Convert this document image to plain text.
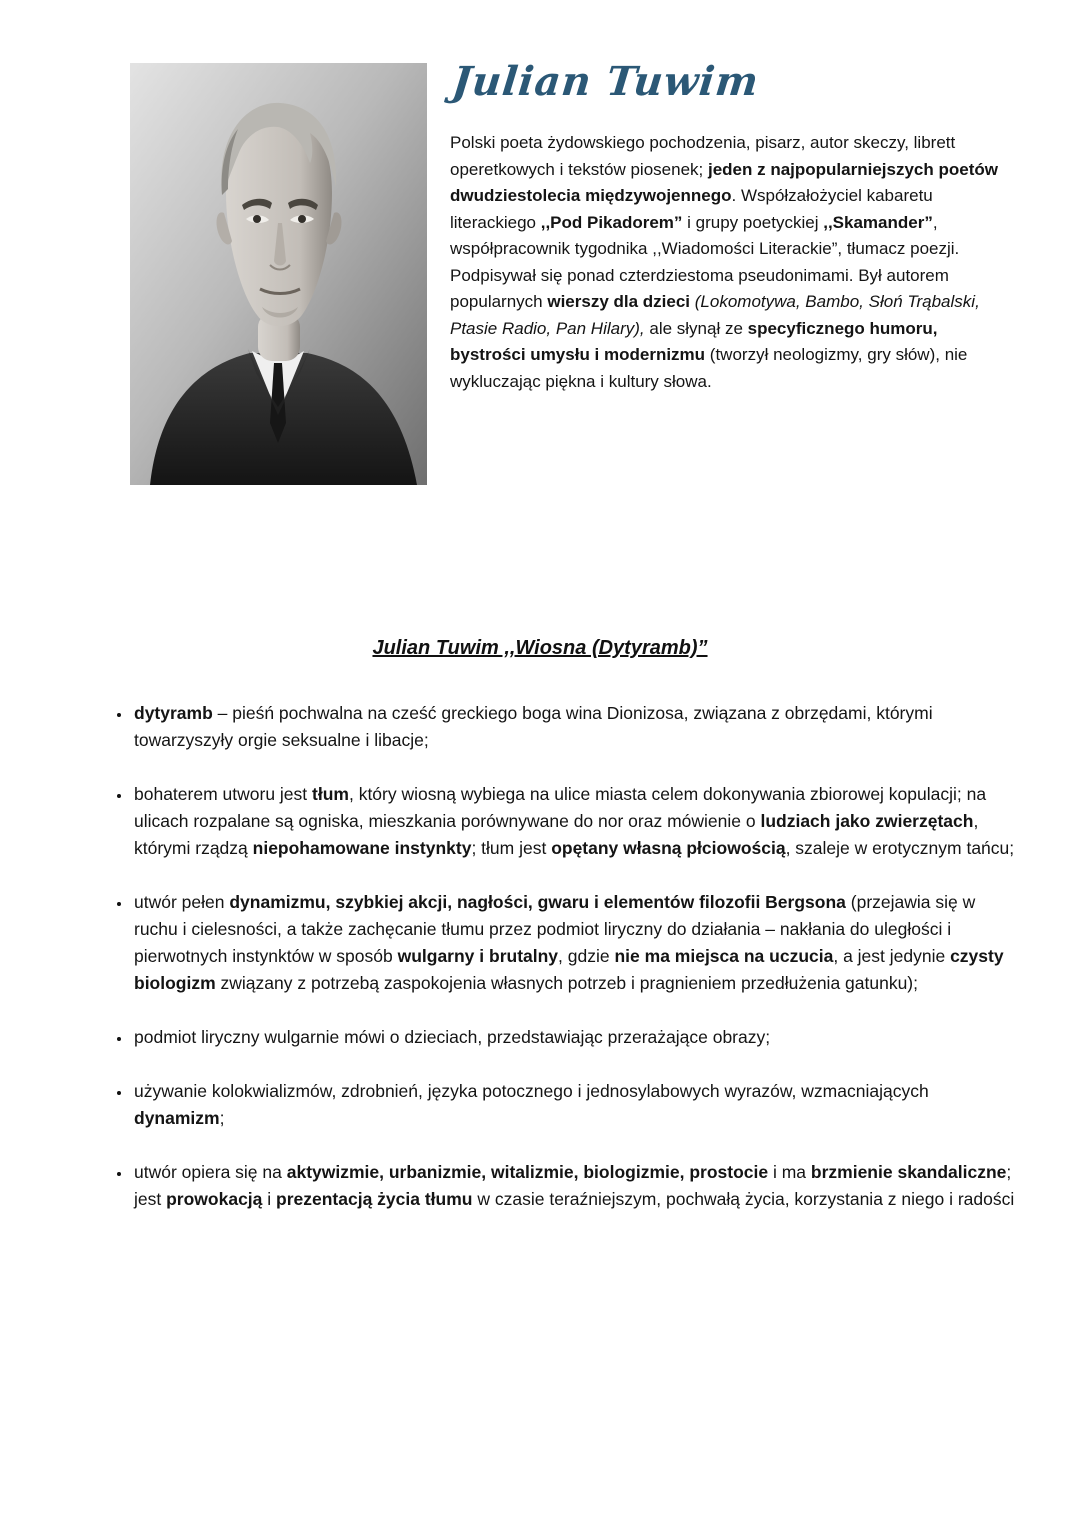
Julian Tuwim

Polski poeta żydowskiego pochodzenia, pisarz, autor skeczy, librett operetkowych i tekstów piosenek; jeden z najpopularniejszych poetów dwudziestolecia międzywojennego. Współzałożyciel kabaretu literackiego ,,Pod Pikadorem” i grupy poetyckiej ,,Skamander”, współpracownik tygodnika ,,Wiadomości Literackie”, tłumacz poezji. Podpisywał się ponad czterdziestoma pseudonimami. Był autorem popularnych wierszy dla dzieci (Lokomotywa, Bambo, Słoń Trąbalski, Ptasie Radio, Pan Hilary), ale słynął ze specyficznego humoru, bystrości umysłu i modernizmu (tworzył neologizmy, gry słów), nie wykluczając piękna i kultury słowa.

Julian Tuwim ,,Wiosna (Dytyramb)”
• dytyramb – pieśń pochwalna na cześć greckiego boga wina Dionizosa, związana z obrzędami, którymi towarzyszyły orgie seksualne i libacje;
• bohaterem utworu jest tłum, który wiosną wybiega na ulice miasta celem dokonywania zbiorowej kopulacji; na ulicach rozpalane są ogniska, mieszkania porównywane do nor oraz mówienie o ludziach jako zwierzętach, którymi rządzą niepohamowane instynkty; tłum jest opętany własną płciowością, szaleje w erotycznym tańcu;
• utwór pełen dynamizmu, szybkiej akcji, nagłości, gwaru i elementów filozofii Bergsona (przejawia się w ruchu i cielesności, a także zachęcanie tłumu przez podmiot liryczny do działania – nakłania do uległości i pierwotnych instynktów w sposób wulgarny i brutalny, gdzie nie ma miejsca na uczucia, a jest jedynie czysty biologizm związany z potrzebą zaspokojenia własnych potrzeb i pragnieniem przedłużenia gatunku);
• podmiot liryczny wulgarnie mówi o dzieciach, przedstawiając przerażające obrazy;
• używanie kolokwializmów, zdrobnień, języka potocznego i jednosylabowych wyrazów, wzmacniających dynamizm;
• utwór opiera się na aktywizmie, urbanizmie, witalizmie, biologizmie, prostocie i ma brzmienie skandaliczne; jest prowokacją i prezentacją życia tłumu w czasie teraźniejszym, pochwałą życia, korzystania z niego i radości
